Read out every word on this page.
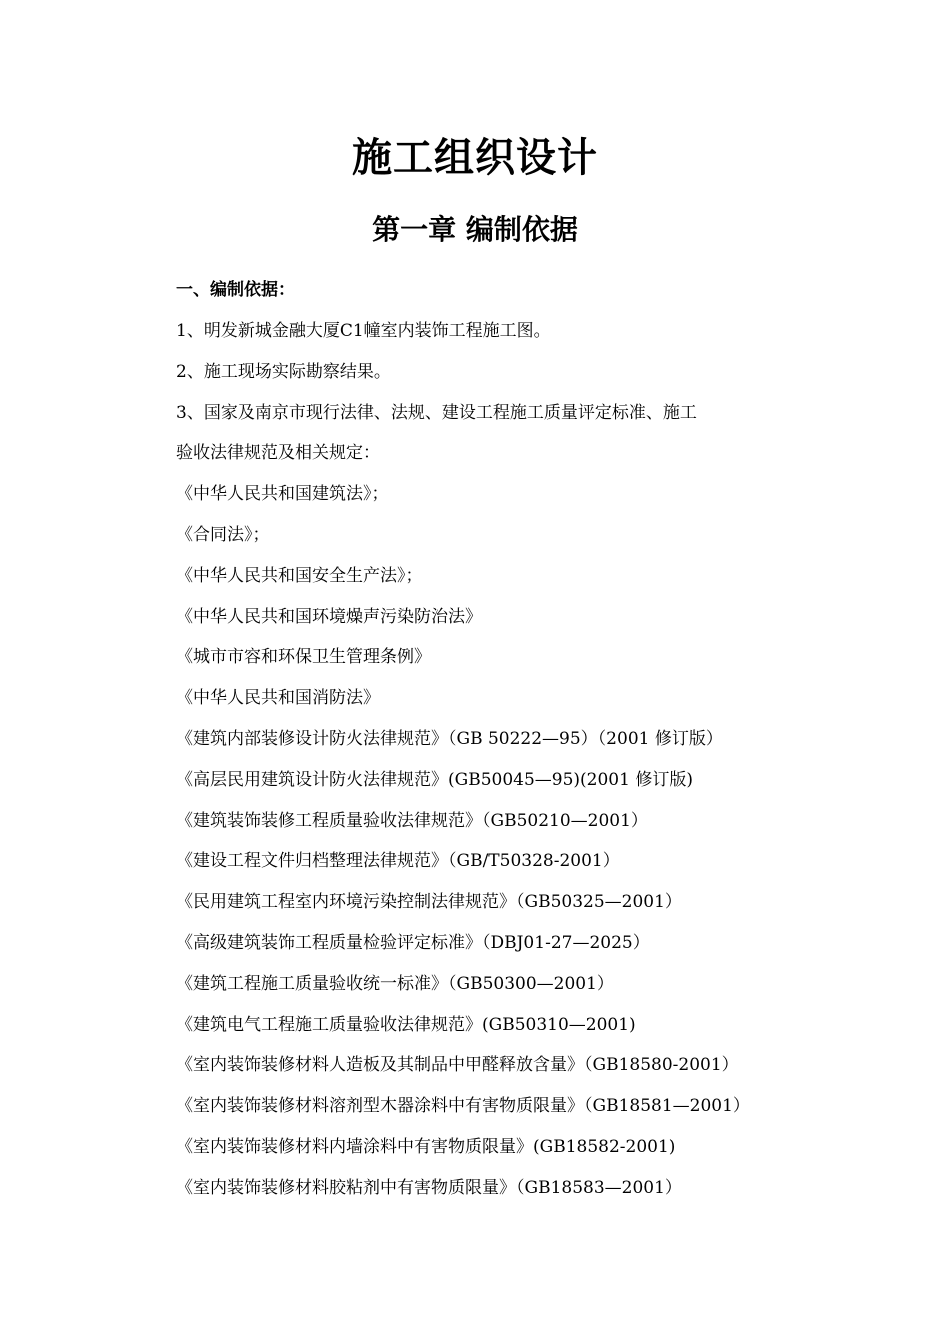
施工组织设计
第一章 编制依据
一、编制依据：
1、明发新城金融大厦C1幢室内装饰工程施工图。
2、施工现场实际勘察结果。
3、国家及南京市现行法律、法规、建设工程施工质量评定标准、施工
验收法律规范及相关规定：
《中华人民共和国建筑法》；
《合同法》；
《中华人民共和国安全生产法》；
《中华人民共和国环境燥声污染防治法》
《城市市容和环保卫生管理条例》
《中华人民共和国消防法》
《建筑内部装修设计防火法律规范》（GB 50222—95）（2001 修订版）
《高层民用建筑设计防火法律规范》(GB50045—95)(2001 修订版)
《建筑装饰装修工程质量验收法律规范》（GB50210—2001）
《建设工程文件归档整理法律规范》（GB/T50328-2001）
《民用建筑工程室内环境污染控制法律规范》（GB50325—2001）
《高级建筑装饰工程质量检验评定标准》（DBJ01-27—2025）
《建筑工程施工质量验收统一标准》（GB50300—2001）
《建筑电气工程施工质量验收法律规范》(GB50310—2001)
《室内装饰装修材料人造板及其制品中甲醛释放含量》（GB18580-2001）
《室内装饰装修材料溶剂型木器涂料中有害物质限量》（GB18581—2001）
《室内装饰装修材料内墙涂料中有害物质限量》(GB18582-2001)
《室内装饰装修材料胶粘剂中有害物质限量》（GB18583—2001）
